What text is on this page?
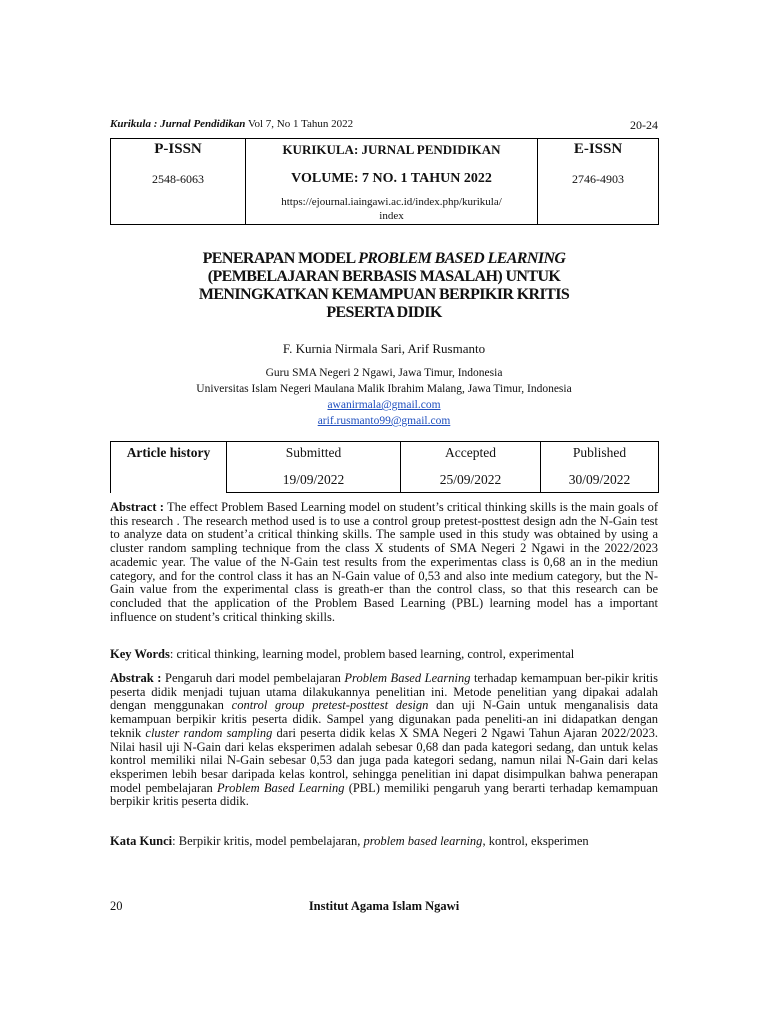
Kurikula : Jurnal Pendidikan Vol 7, No 1 Tahun 2022	20-24
P-ISSN
2548-6063

KURIKULA: JURNAL PENDIDIKAN
VOLUME: 7 NO. 1 TAHUN 2022
https://ejournal.iaingawi.ac.id/index.php/kurikula/
index

E-ISSN
2746-4903
PENERAPAN MODEL PROBLEM BASED LEARNING
(PEMBELAJARAN BERBASIS MASALAH) UNTUK
MENINGKATKAN KEMAMPUAN BERPIKIR KRITIS
PESERTA DIDIK
F. Kurnia Nirmala Sari, Arif Rusmanto
Guru SMA Negeri 2 Ngawi, Jawa Timur, Indonesia
Universitas Islam Negeri Maulana Malik Ibrahim Malang, Jawa Timur, Indonesia
awanirmala@gmail.com
arif.rusmanto99@gmail.com
Article history	Submitted	Accepted	Published
	19/09/2022	25/09/2022	30/09/2022
Abstract : The effect Problem Based Learning model on student’s critical thinking skills is the main goals of this research . The research method used is to use a control group pretest-posttest design adn the N-Gain test to analyze data on student’a critical thinking skills. The sample used in this study was obtained by using a cluster random sampling technique from the class X students of SMA Negeri 2 Ngawi in the 2022/2023 academic year. The value of the N-Gain test results from the experimentas class is 0,68 an in the mediun category, and for the control class it has an N-Gain value of 0,53 and also inte medium category, but the N-Gain value from the experimental class is greath-er than the control class, so that this research can be concluded that the application of the Problem Based Learning (PBL) learning model has a important influence on student’s critical thinking skills.
Key Words: critical thinking, learning model, problem based learning, control, experimental
Abstrak : Pengaruh dari model pembelajaran Problem Based Learning terhadap kemampuan ber-pikir kritis peserta didik menjadi tujuan utama dilakukannya penelitian ini. Metode penelitian yang dipakai adalah dengan menggunakan control group pretest-posttest design dan uji N-Gain untuk menganalisis data kemampuan berpikir kritis peserta didik. Sampel yang digunakan pada peneliti-an ini didapatkan dengan teknik cluster random sampling dari peserta didik kelas X SMA Negeri 2 Ngawi Tahun Ajaran 2022/2023. Nilai hasil uji N-Gain dari kelas eksperimen adalah sebesar 0,68 dan pada kategori sedang, dan untuk kelas kontrol memiliki nilai N-Gain sebesar 0,53 dan juga pada kategori sedang, namun nilai N-Gain dari kelas eksperimen lebih besar daripada kelas kontrol, sehingga penelitian ini dapat disimpulkan bahwa penerapan model pembelajaran Problem Based Learning (PBL) memiliki pengaruh yang berarti terhadap kemampuan berpikir kritis peserta didik.
Kata Kunci: Berpikir kritis, model pembelajaran, problem based learning, kontrol, eksperimen
Institut Agama Islam Ngawi
20
